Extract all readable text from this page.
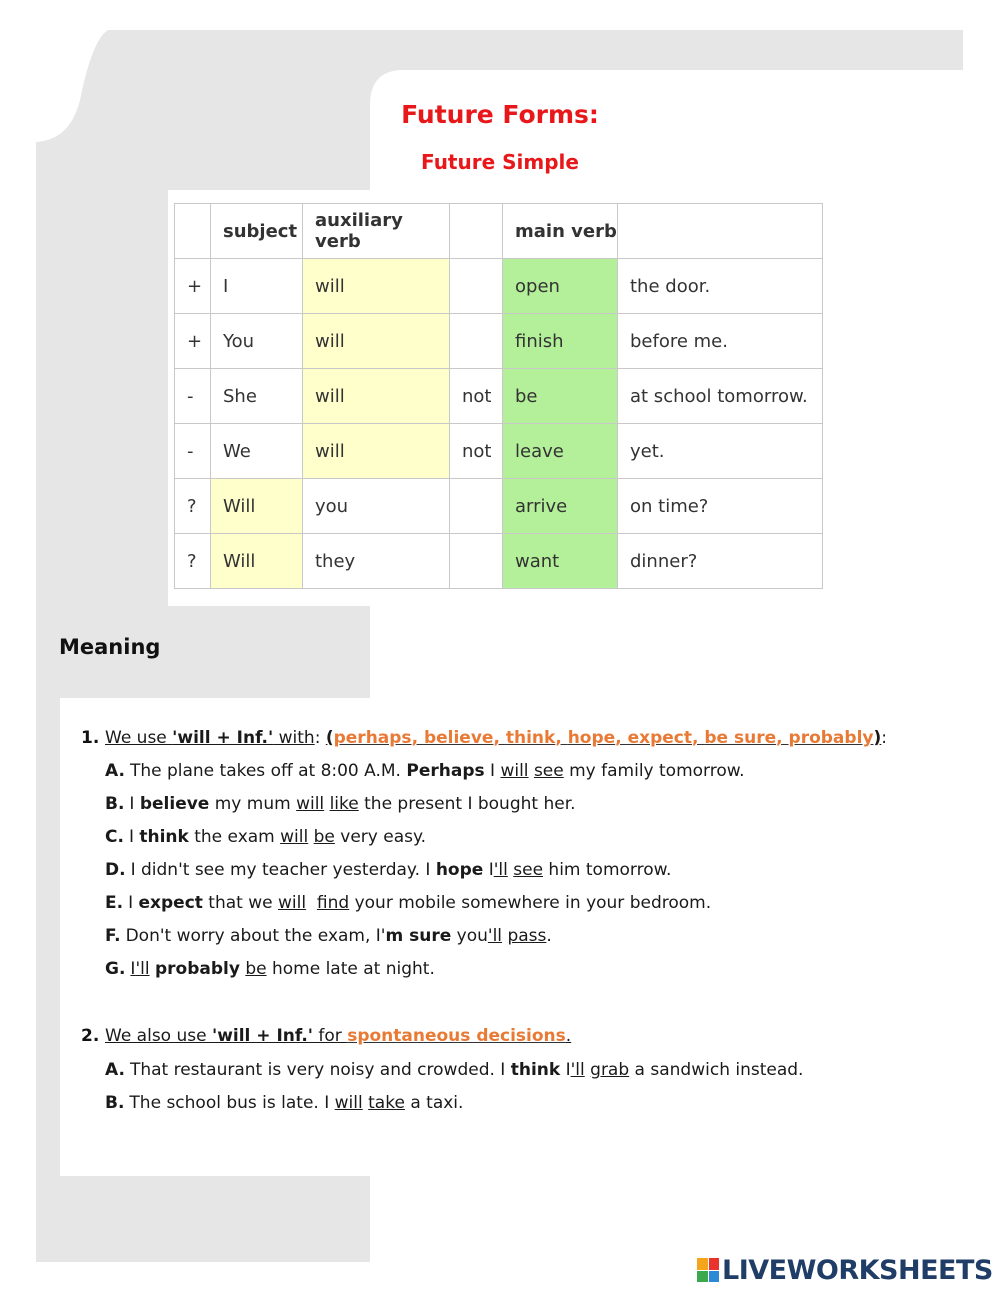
Future Forms:
Future Simple
	subject	auxiliary verb		main verb	
+	I	will		open	the door.
+	You	will		finish	before me.
-	She	will	not	be	at school tomorrow.
-	We	will	not	leave	yet.
?	Will	you		arrive	on time?
?	Will	they		want	dinner?
Meaning
1. We use 'will + Inf.' with: (perhaps, believe, think, hope, expect, be sure, probably):
A. The plane takes off at 8:00 A.M. Perhaps I will see my family tomorrow.
B. I believe my mum will like the present I bought her.
C. I think the exam will be very easy.
D. I didn't see my teacher yesterday. I hope I'll see him tomorrow.
E. I expect that we will find your mobile somewhere in your bedroom.
F. Don't worry about the exam, I'm sure you'll pass.
G. I'll probably be home late at night.
2. We also use 'will + Inf.' for spontaneous decisions.
A. That restaurant is very noisy and crowded. I think I'll grab a sandwich instead.
B. The school bus is late. I will take a taxi.
LIVEWORKSHEETS
